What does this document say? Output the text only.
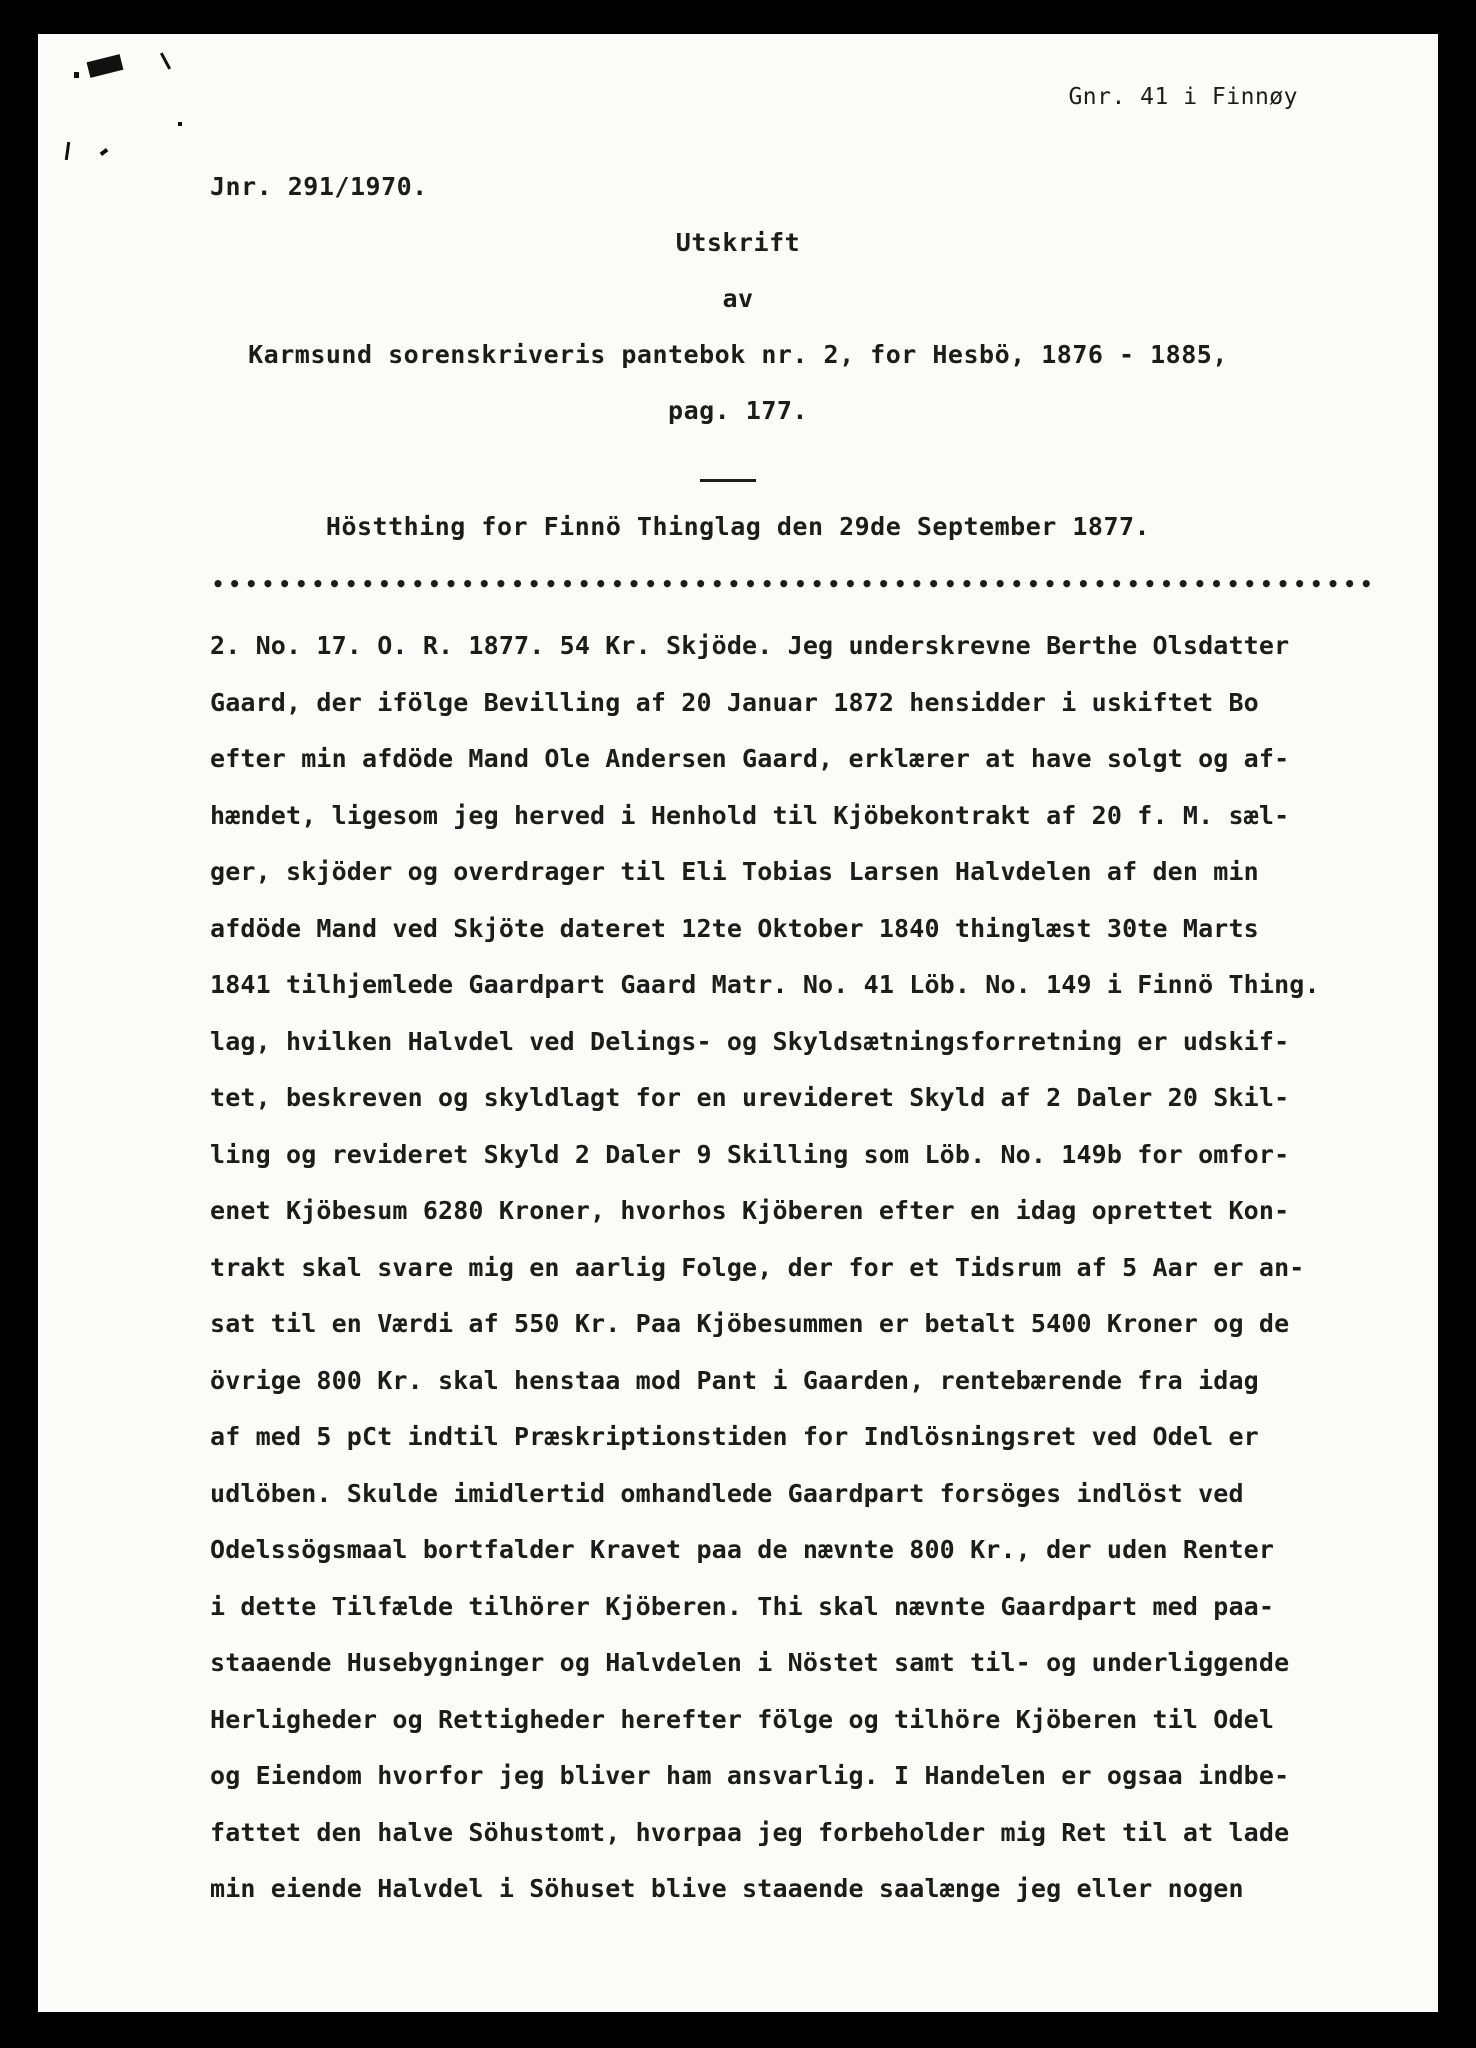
Gnr. 41 i Finnøy
Jnr. 291/1970.
Utskrift
av
Karmsund sorenskriveris pantebok nr. 2, for Hesbö, 1876 - 1885,
pag. 177.
Höstthing for Finnö Thinglag den 29de September 1877.
••••••••••••••••••••••••••••••••••••••••••••••••••••••••••••••••••••••
2. No. 17. O. R. 1877. 54 Kr. Skjöde. Jeg underskrevne Berthe Olsdatter
Gaard, der ifölge Bevilling af 20 Januar 1872 hensidder i uskiftet Bo
efter min afdöde Mand Ole Andersen Gaard, erklærer at have solgt og af-
hændet, ligesom jeg herved i Henhold til Kjöbekontrakt af 20 f. M. sæl-
ger, skjöder og overdrager til Eli Tobias Larsen Halvdelen af den min
afdöde Mand ved Skjöte dateret 12te Oktober 1840 thinglæst 30te Marts
1841 tilhjemlede Gaardpart Gaard Matr. No. 41 Löb. No. 149 i Finnö Thing.
lag, hvilken Halvdel ved Delings- og Skyldsætningsforretning er udskif-
tet, beskreven og skyldlagt for en urevideret Skyld af 2 Daler 20 Skil-
ling og revideret Skyld 2 Daler 9 Skilling som Löb. No. 149b for omfor-
enet Kjöbesum 6280 Kroner, hvorhos Kjöberen efter en idag oprettet Kon-
trakt skal svare mig en aarlig Folge, der for et Tidsrum af 5 Aar er an-
sat til en Værdi af 550 Kr. Paa Kjöbesummen er betalt 5400 Kroner og de
övrige 800 Kr. skal henstaa mod Pant i Gaarden, rentebærende fra idag
af med 5 pCt indtil Præskriptionstiden for Indlösningsret ved Odel er
udlöben. Skulde imidlertid omhandlede Gaardpart forsöges indlöst ved
Odelssögsmaal bortfalder Kravet paa de nævnte 800 Kr., der uden Renter
i dette Tilfælde tilhörer Kjöberen. Thi skal nævnte Gaardpart med paa-
staaende Husebygninger og Halvdelen i Nöstet samt til- og underliggende
Herligheder og Rettigheder herefter fölge og tilhöre Kjöberen til Odel
og Eiendom hvorfor jeg bliver ham ansvarlig. I Handelen er ogsaa indbe-
fattet den halve Söhustomt, hvorpaa jeg forbeholder mig Ret til at lade
min eiende Halvdel i Söhuset blive staaende saalænge jeg eller nogen
